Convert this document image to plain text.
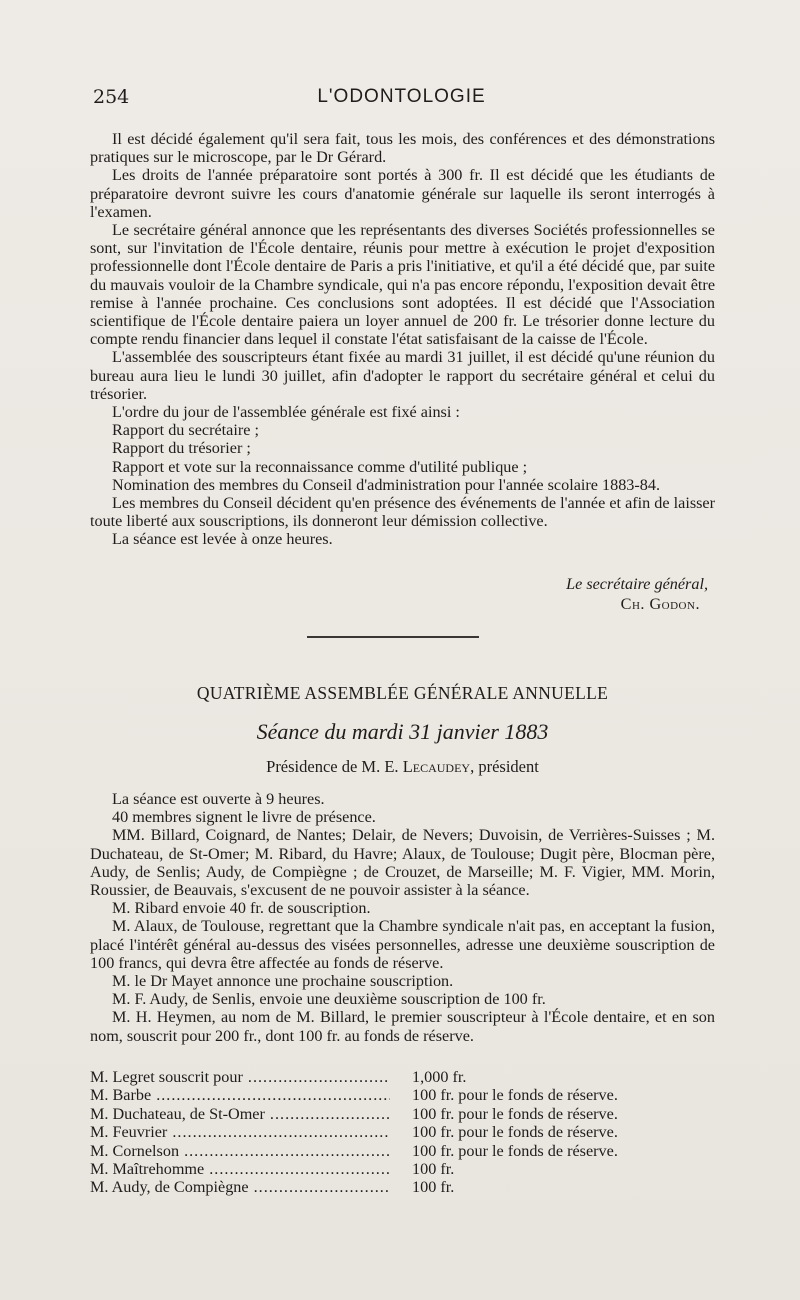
254	L'ODONTOLOGIE

Il est décidé également qu'il sera fait, tous les mois, des conférences et des démonstrations pratiques sur le microscope, par le Dr Gérard.

Les droits de l'année préparatoire sont portés à 300 fr. Il est décidé que les étudiants de préparatoire devront suivre les cours d'anatomie générale sur laquelle ils seront interrogés à l'examen.

Le secrétaire général annonce que les représentants des diverses Sociétés professionnelles se sont, sur l'invitation de l'École dentaire, réunis pour mettre à exécution le projet d'exposition professionnelle dont l'École dentaire de Paris a pris l'initiative, et qu'il a été décidé que, par suite du mauvais vouloir de la Chambre syndicale, qui n'a pas encore répondu, l'exposition devait être remise à l'année prochaine. Ces conclusions sont adoptées. Il est décidé que l'Association scientifique de l'École dentaire paiera un loyer annuel de 200 fr. Le trésorier donne lecture du compte rendu financier dans lequel il constate l'état satisfaisant de la caisse de l'École.

L'assemblée des souscripteurs étant fixée au mardi 31 juillet, il est décidé qu'une réunion du bureau aura lieu le lundi 30 juillet, afin d'adopter le rapport du secrétaire général et celui du trésorier.

L'ordre du jour de l'assemblée générale est fixé ainsi :

Rapport du secrétaire ;

Rapport du trésorier ;

Rapport et vote sur la reconnaissance comme d'utilité publique ;

Nomination des membres du Conseil d'administration pour l'année scolaire 1883-84.

Les membres du Conseil décident qu'en présence des événements de l'année et afin de laisser toute liberté aux souscriptions, ils donneront leur démission collective.

La séance est levée à onze heures.

Le secrétaire général,
Ch. Godon.
QUATRIÈME ASSEMBLÉE GÉNÉRALE ANNUELLE
Séance du mardi 31 janvier 1883
Présidence de M. E. Lecaudey, président

La séance est ouverte à 9 heures.

40 membres signent le livre de présence.

MM. Billard, Coignard, de Nantes; Delair, de Nevers; Duvoisin, de Verrières-Suisses ; M. Duchateau, de St-Omer; M. Ribard, du Havre; Alaux, de Toulouse; Dugit père, Blocman père, Audy, de Senlis; Audy, de Compiègne ; de Crouzet, de Marseille; M. F. Vigier, MM. Morin, Roussier, de Beauvais, s'excusent de ne pouvoir assister à la séance.

M. Ribard envoie 40 fr. de souscription.

M. Alaux, de Toulouse, regrettant que la Chambre syndicale n'ait pas, en acceptant la fusion, placé l'intérêt général au-dessus des visées personnelles, adresse une deuxième souscription de 100 francs, qui devra être affectée au fonds de réserve.

M. le Dr Mayet annonce une prochaine souscription.

M. F. Audy, de Senlis, envoie une deuxième souscription de 100 fr.

M. H. Heymen, au nom de M. Billard, le premier souscripteur à l'École dentaire, et en son nom, souscrit pour 200 fr., dont 100 fr. au fonds de réserve.

M. Legret souscrit pour .....	1,000 fr.
M. Barbe .....	100 fr. pour le fonds de réserve.
M. Duchateau, de St-Omer .....	100 fr. pour le fonds de réserve.
M. Feuvrier .....	100 fr. pour le fonds de réserve.
M. Cornelson .....	100 fr. pour le fonds de réserve.
M. Maîtrehomme .....	100 fr.
M. Audy, de Compiègne .....	100 fr.
